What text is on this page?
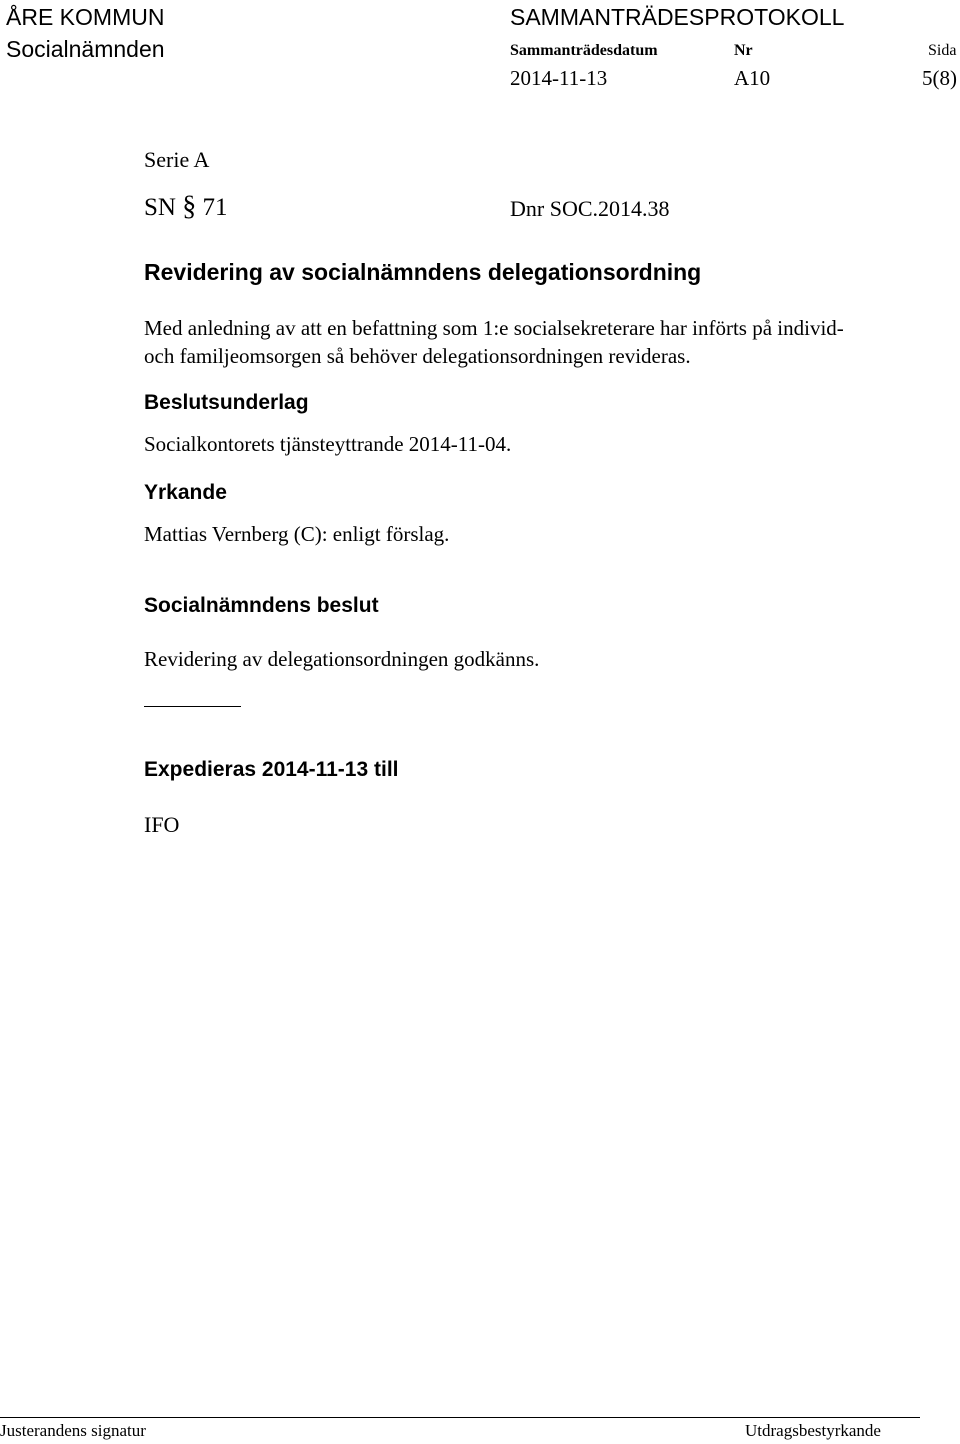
ÅRE KOMMUN
Socialnämnden
SAMMANTRÄDESPROTOKOLL
Sammanträdesdatum	Nr	Sida
2014-11-13	A10	5(8)
Serie A
SN § 71	Dnr SOC.2014.38
Revidering av socialnämndens delegationsordning
Med anledning av att en befattning som 1:e socialsekreterare har införts på individ- och familjeomsorgen så behöver delegationsordningen revideras.
Beslutsunderlag
Socialkontorets tjänsteyttrande 2014-11-04.
Yrkande
Mattias Vernberg (C): enligt förslag.
Socialnämndens beslut
Revidering av delegationsordningen godkänns.
Expedieras 2014-11-13 till
IFO
Justerandens signatur	Utdragsbestyrkande
